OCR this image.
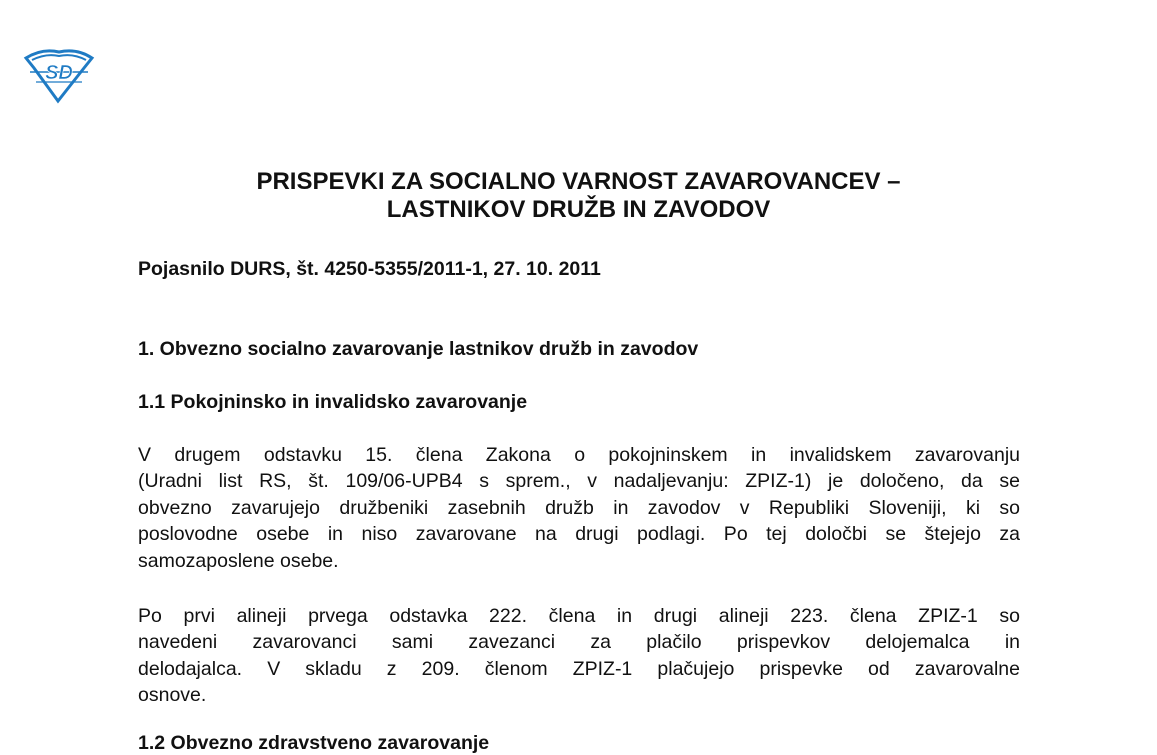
SD
PRISPEVKI ZA SOCIALNO VARNOST ZAVAROVANCEV –
LASTNIKOV DRUŽB IN ZAVODOV

Pojasnilo DURS, št. 4250-5355/2011-1, 27. 10. 2011

1. Obvezno socialno zavarovanje lastnikov družb in zavodov
1.1 Pokojninsko in invalidsko zavarovanje
V drugem odstavku 15. člena Zakona o pokojninskem in invalidskem zavarovanju
(Uradni list RS, št. 109/06-UPB4 s sprem., v nadaljevanju: ZPIZ-1) je določeno, da se
obvezno zavarujejo družbeniki zasebnih družb in zavodov v Republiki Sloveniji, ki so
poslovodne osebe in niso zavarovane na drugi podlagi. Po tej določbi se štejejo za
samozaposlene osebe.
Po prvi alineji prvega odstavka 222. člena in drugi alineji 223. člena ZPIZ-1 so
navedeni zavarovanci sami zavezanci za plačilo prispevkov delojemalca in
delodajalca. V skladu z 209. členom ZPIZ-1 plačujejo prispevke od zavarovalne
osnove.
1.2 Obvezno zdravstveno zavarovanje
